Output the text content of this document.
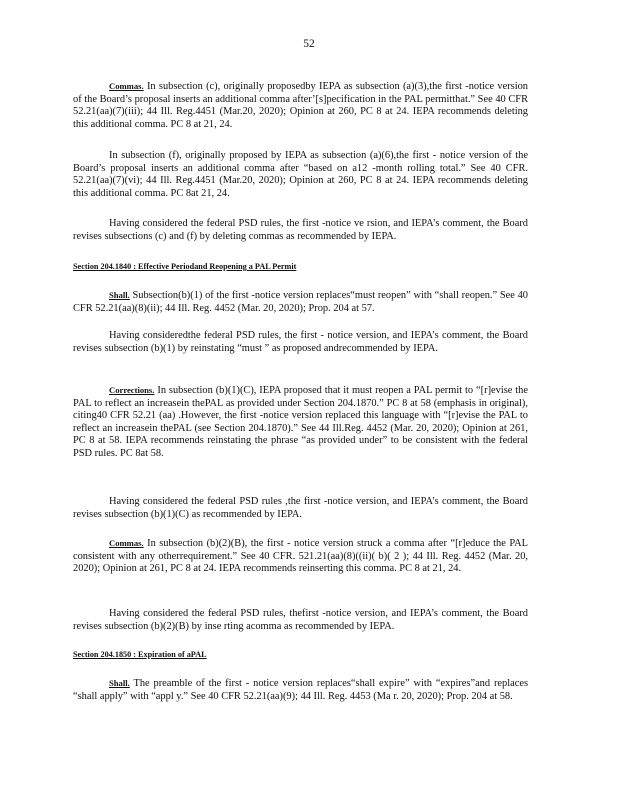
52

Commas. In subsection (c), originally proposedby IEPA as subsection (a)(3),the first -notice version of the Board’s proposal inserts an additional comma after’[s]pecification in the PAL permitthat.” See 40 CFR 52.21(aa)(7)(iii); 44 Ill. Reg.4451 (Mar.20, 2020); Opinion at 260, PC 8 at 24. IEPA recommends deleting this additional comma. PC 8 at 21, 24.

In subsection (f), originally proposed by IEPA as subsection (a)(6),the first - notice version of the Board’s proposal inserts an additional comma after “based on a12 -month rolling total.” See 40 CFR. 52.21(aa)(7)(vi); 44 Ill. Reg.4451 (Mar.20, 2020); Opinion at 260, PC 8 at 24. IEPA recommends deleting this additional comma. PC 8at 21, 24.

Having considered the federal PSD rules, the first -notice ve rsion, and IEPA’s comment, the Board revises subsections (c) and (f) by deleting commas as recommended by IEPA.

Section 204.1840 : Effective Periodand Reopening a PAL Permit

Shall. Subsection(b)(1) of the first -notice version replaces“must reopen” with “shall reopen.” See 40 CFR 52.21(aa)(8)(ii); 44 Ill. Reg. 4452 (Mar. 20, 2020); Prop. 204 at 57.

Having consideredthe federal PSD rules, the first - notice version, and IEPA’s comment, the Board revises subsection (b)(1) by reinstating “must ” as proposed andrecommended by IEPA.

Corrections. In subsection (b)(1)(C), IEPA proposed that it must reopen a PAL permit to “[r]evise the PAL to reflect an increasein thePAL as provided under Section 204.1870.” PC 8 at 58 (emphasis in original), citing40 CFR 52.21 (aa) .However, the first -notice version replaced this language with “[r]evise the PAL to reflect an increasein thePAL (see Section 204.1870).” See 44 Ill.Reg. 4452 (Mar. 20, 2020); Opinion at 261, PC 8 at 58. IEPA recommends reinstating the phrase “as provided under” to be consistent with the federal PSD rules. PC 8at 58.

Having considered the federal PSD rules ,the first -notice version, and IEPA’s comment, the Board revises subsection (b)(1)(C) as recommended by IEPA.

Commas. In subsection (b)(2)(B), the first - notice version struck a comma after “[r]educe the PAL consistent with any otherrequirement.” See 40 CFR. 521.21(aa)(8)((ii)( b)( 2 ); 44 Ill. Reg. 4452 (Mar. 20, 2020); Opinion at 261, PC 8 at 24. IEPA recommends reinserting this comma. PC 8 at 21, 24.

Having considered the federal PSD rules, thefirst -notice version, and IEPA’s comment, the Board revises subsection (b)(2)(B) by inse rting acomma as recommended by IEPA.

Section 204.1850 : Expiration of aPAL

Shall. The preamble of the first - notice version replaces“shall expire” with “expires”and replaces “shall apply” with “appl y.” See 40 CFR 52.21(aa)(9); 44 Ill. Reg. 4453 (Ma r. 20, 2020); Prop. 204 at 58.
